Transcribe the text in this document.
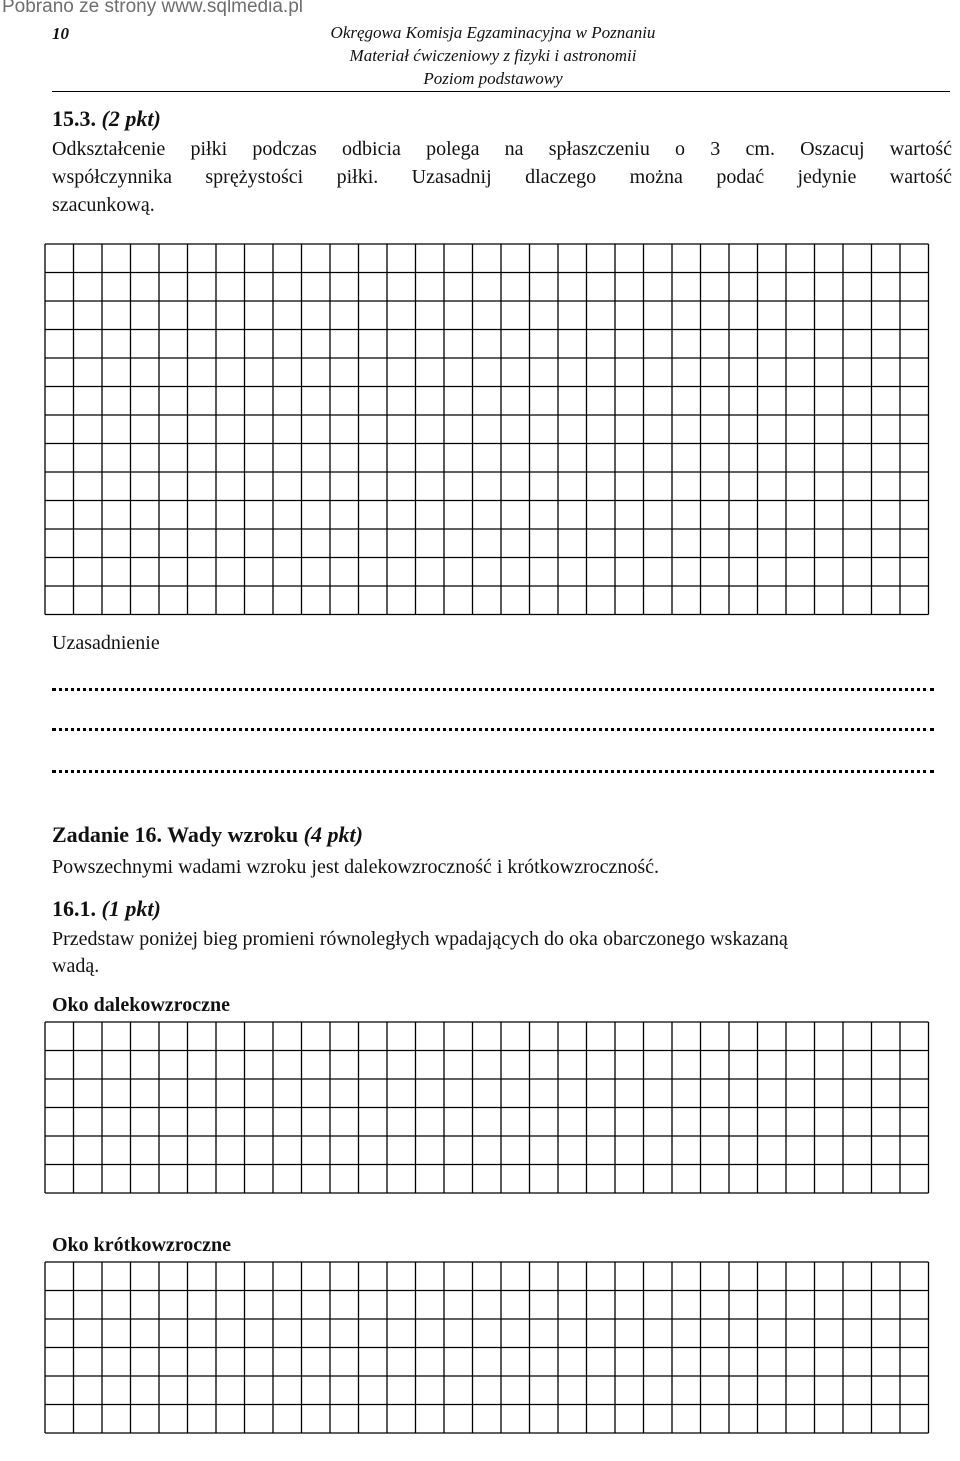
Pobrano ze strony www.sqlmedia.pl
10	Okręgowa Komisja Egzaminacyjna w Poznaniu
Materiał ćwiczeniowy z fizyki i astronomii
Poziom podstawowy
15.3. (2 pkt)
Odkształcenie piłki podczas odbicia polega na spłaszczeniu o 3 cm. Oszacuj wartość
współczynnika sprężystości piłki. Uzasadnij dlaczego można podać jedynie wartość
szacunkową.
Uzasadnienie
Zadanie 16. Wady wzroku (4 pkt)
Powszechnymi wadami wzroku jest dalekowzroczność i krótkowzroczność.
16.1. (1 pkt)
Przedstaw poniżej bieg promieni równoległych wpadających do oka obarczonego wskazaną
wadą.
Oko dalekowzroczne
Oko krótkowzroczne
